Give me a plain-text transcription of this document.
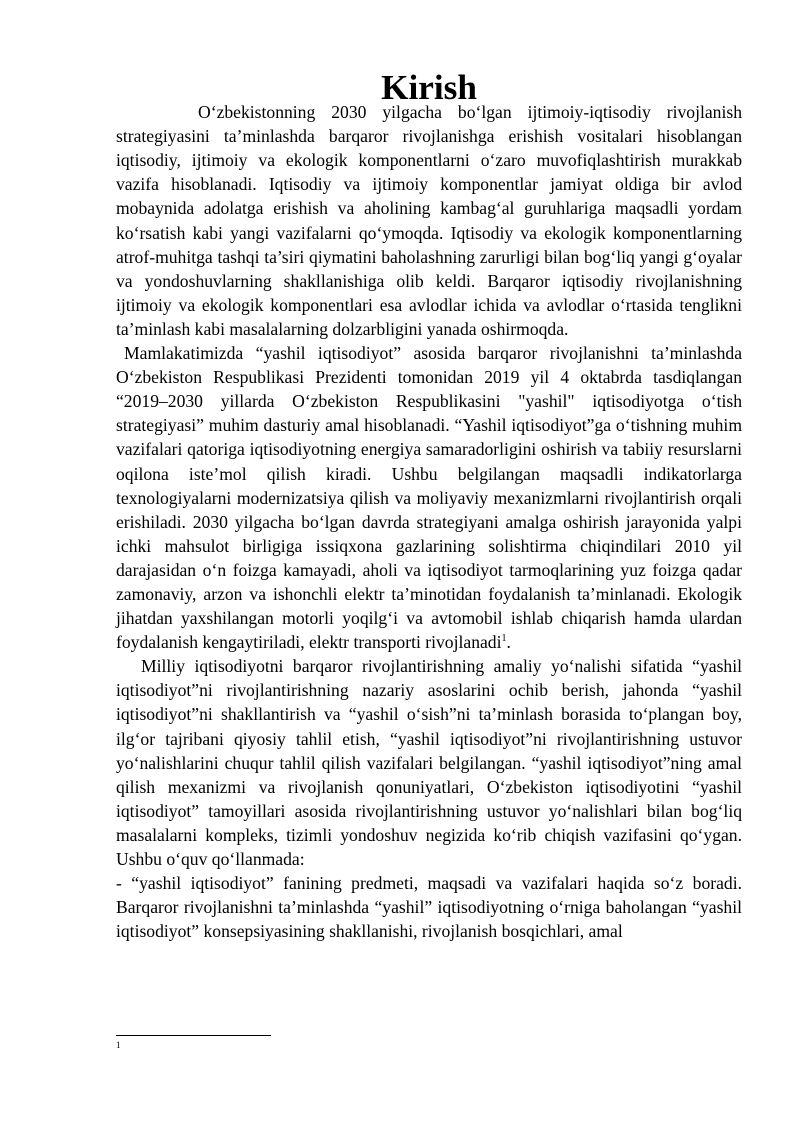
Kirish

O‘zbekistonning 2030 yilgacha bo‘lgan ijtimoiy-iqtisodiy rivojlanish strategiyasini ta’minlashda barqaror rivojlanishga erishish vositalari hisoblangan iqtisodiy, ijtimoiy va ekologik komponentlarni o‘zaro muvofiqlashtirish murakkab vazifa hisoblanadi. Iqtisodiy va ijtimoiy komponentlar jamiyat oldiga bir avlod mobaynida adolatga erishish va aholining kambag‘al guruhlariga maqsadli yordam ko‘rsatish kabi yangi vazifalarni qo‘ymoqda. Iqtisodiy va ekologik komponentlarning atrof-muhitga tashqi ta’siri qiymatini baholashning zarurligi bilan bog‘liq yangi g‘oyalar va yondoshuvlarning shakllanishiga olib keldi. Barqaror iqtisodiy rivojlanishning ijtimoiy va ekologik komponentlari esa avlodlar ichida va avlodlar o‘rtasida tenglikni ta’minlash kabi masalalarning dolzarbligini yanada oshirmoqda.

Mamlakatimizda “yashil iqtisodiyot” asosida barqaror rivojlanishni ta’minlashda O‘zbekiston Respublikasi Prezidenti tomonidan 2019 yil 4 oktabrda tasdiqlangan “2019–2030 yillarda O‘zbekiston Respublikasini "yashil" iqtisodiyotga o‘tish strategiyasi” muhim dasturiy amal hisoblanadi. “Yashil iqtisodiyot”ga o‘tishning muhim vazifalari qatoriga iqtisodiyotning energiya samaradorligini oshirish va tabiiy resurslarni oqilona iste’mol qilish kiradi. Ushbu belgilangan maqsadli indikatorlarga texnologiyalarni modernizatsiya qilish va moliyaviy mexanizmlarni rivojlantirish orqali erishiladi. 2030 yilgacha bo‘lgan davrda strategiyani amalga oshirish jarayonida yalpi ichki mahsulot birligiga issiqxona gazlarining solishtirma chiqindilari 2010 yil darajasidan o‘n foizga kamayadi, aholi va iqtisodiyot tarmoqlarining yuz foizga qadar zamonaviy, arzon va ishonchli elektr ta’minotidan foydalanish ta’minlanadi. Ekologik jihatdan yaxshilangan motorli yoqilg‘i va avtomobil ishlab chiqarish hamda ulardan foydalanish kengaytiriladi, elektr transporti rivojlanadi$^1$.

Milliy iqtisodiyotni barqaror rivojlantirishning amaliy yo‘nalishi sifatida “yashil iqtisodiyot”ni rivojlantirishning nazariy asoslarini ochib berish, jahonda “yashil iqtisodiyot”ni shakllantirish va “yashil o‘sish”ni ta’minlash borasida to‘plangan boy, ilg‘or tajribani qiyosiy tahlil etish, “yashil iqtisodiyot”ni rivojlantirishning ustuvor yo‘nalishlarini chuqur tahlil qilish vazifalari belgilangan. “yashil iqtisodiyot”ning amal qilish mexanizmi va rivojlanish qonuniyatlari, O‘zbekiston iqtisodiyotini “yashil iqtisodiyot” tamoyillari asosida rivojlantirishning ustuvor yo‘nalishlari bilan bog‘liq masalalarni kompleks, tizimli yondoshuv negizida ko‘rib chiqish vazifasini qo‘ygan. Ushbu o‘quv qo‘llanmada:

- “yashil iqtisodiyot” fanining predmeti, maqsadi va vazifalari haqida so‘z boradi. Barqaror rivojlanishni ta’minlashda “yashil” iqtisodiyotning o‘rniga baholangan “yashil iqtisodiyot” konsepsiyasining shakllanishi, rivojlanish bosqichlari, amal

1
